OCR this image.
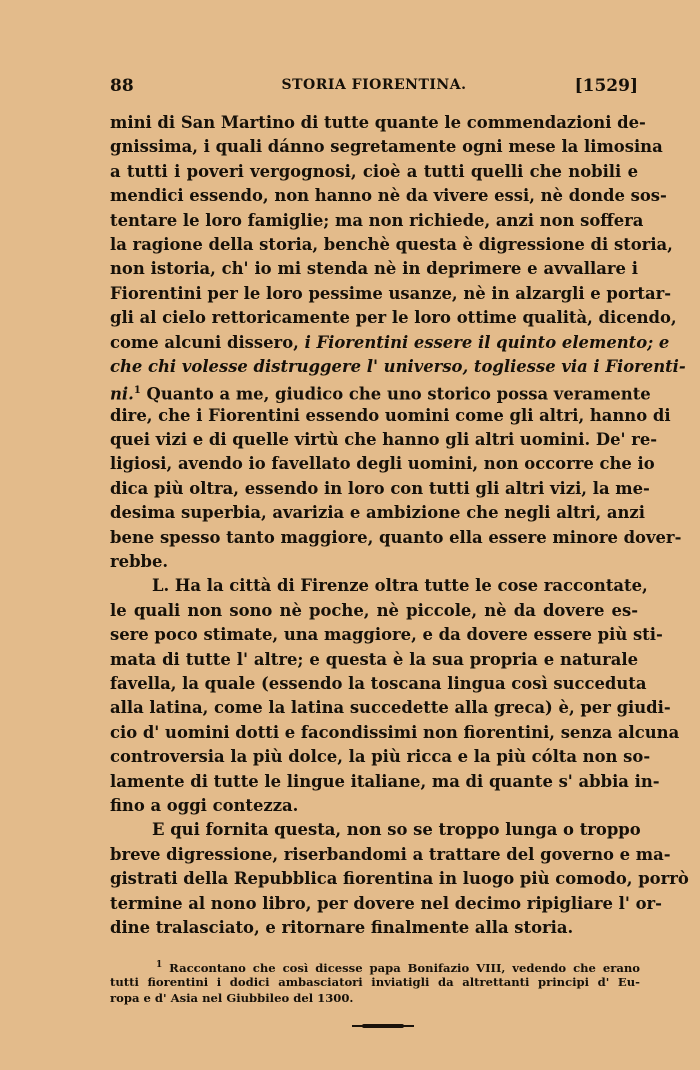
88	STORIA FIORENTINA.	[1529]
mini di San Martino di tutte quante le commendazioni de-
gnissima, i quali dánno segretamente ogni mese la limosina
a tutti i poveri vergognosi, cioè a tutti quelli che nobili e
mendici essendo, non hanno nè da vivere essi, nè donde sos-
tentare le loro famiglie; ma non richiede, anzi non soffera
la ragione della storia, benchè questa è digressione di storia,
non istoria, ch' io mi stenda nè in deprimere e avvallare i
Fiorentini per le loro pessime usanze, nè in alzargli e portar-
gli al cielo rettoricamente per le loro ottime qualità, dicendo,
come alcuni dissero, i Fiorentini essere il quinto elemento; e
che chi volesse distruggere l' universo, togliesse via i Fiorenti-
ni.$^1$ Quanto a me, giudico che uno storico possa veramente
dire, che i Fiorentini essendo uomini come gli altri, hanno di
quei vizi e di quelle virtù che hanno gli altri uomini. De' re-
ligiosi, avendo io favellato degli uomini, non occorre che io
dica più oltra, essendo in loro con tutti gli altri vizi, la me-
desima superbia, avarizia e ambizione che negli altri, anzi
bene spesso tanto maggiore, quanto ella essere minore dover-
rebbe.
L. Ha la città di Firenze oltra tutte le cose raccontate,
le quali non sono nè poche, nè piccole, nè da dovere es-
sere poco stimate, una maggiore, e da dovere essere più sti-
mata di tutte l' altre; e questa è la sua propria e naturale
favella, la quale (essendo la toscana lingua così succeduta
alla latina, come la latina succedette alla greca) è, per giudi-
cio d' uomini dotti e facondissimi non fiorentini, senza alcuna
controversia la più dolce, la più ricca e la più cólta non so-
lamente di tutte le lingue italiane, ma di quante s' abbia in-
fino a oggi contezza.
E qui fornita questa, non so se troppo lunga o troppo
breve digressione, riserbandomi a trattare del governo e ma-
gistrati della Repubblica fiorentina in luogo più comodo, porrò
termine al nono libro, per dovere nel decimo ripigliare l' or-
dine tralasciato, e ritornare finalmente alla storia.
$^1$ Raccontano che così dicesse papa Bonifazio VIII, vedendo che erano
tutti fiorentini i dodici ambasciatori inviatigli da altrettanti principi d' Eu-
ropa e d' Asia nel Giubbileo del 1300.
